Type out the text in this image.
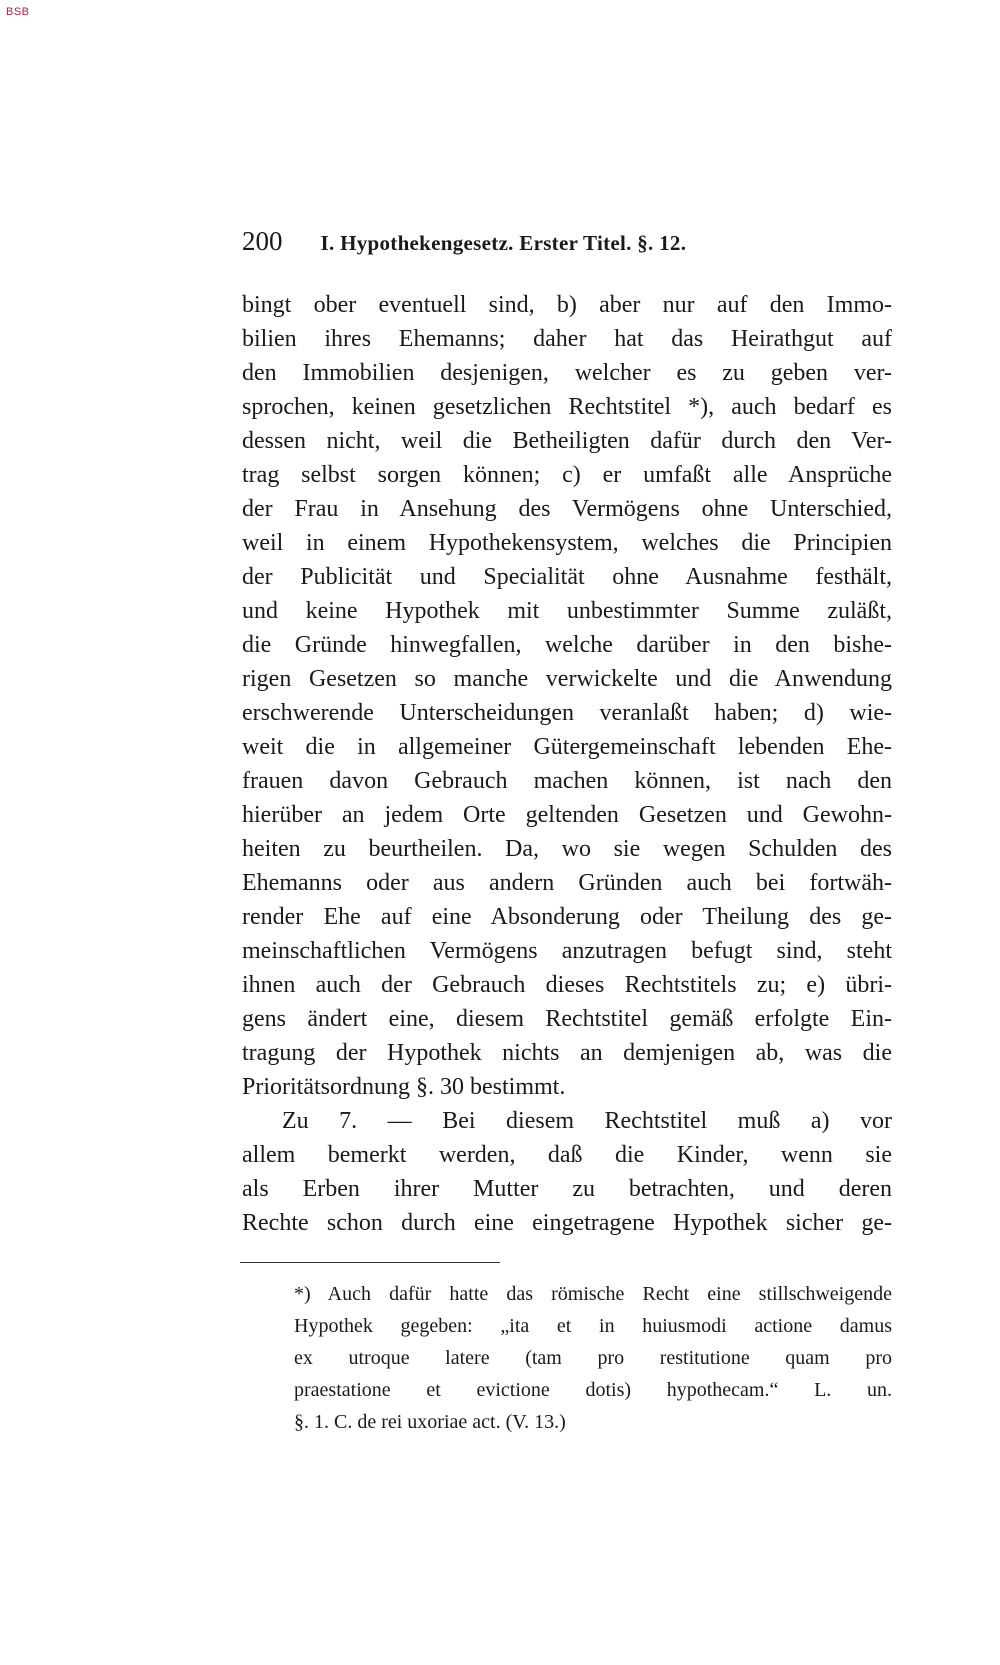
BSB
200 I. Hypothekengesetz. Erster Titel. §. 12.
bingt ober eventuell sind, b) aber nur auf den Immo-
bilien ihres Ehemanns; daher hat das Heirathgut auf
den Immobilien desjenigen, welcher es zu geben ver-
sprochen, keinen gesetzlichen Rechtstitel *), auch bedarf es
dessen nicht, weil die Betheiligten dafür durch den Ver-
trag selbst sorgen können; c) er umfaßt alle Ansprüche
der Frau in Ansehung des Vermögens ohne Unterschied,
weil in einem Hypothekensystem, welches die Principien
der Publicität und Specialität ohne Ausnahme festhält,
und keine Hypothek mit unbestimmter Summe zuläßt,
die Gründe hinwegfallen, welche darüber in den bishe-
rigen Gesetzen so manche verwickelte und die Anwendung
erschwerende Unterscheidungen veranlaßt haben; d) wie-
weit die in allgemeiner Gütergemeinschaft lebenden Ehe-
frauen davon Gebrauch machen können, ist nach den
hierüber an jedem Orte geltenden Gesetzen und Gewohn-
heiten zu beurtheilen. Da, wo sie wegen Schulden des
Ehemanns oder aus andern Gründen auch bei fortwäh-
render Ehe auf eine Absonderung oder Theilung des ge-
meinschaftlichen Vermögens anzutragen befugt sind, steht
ihnen auch der Gebrauch dieses Rechtstitels zu; e) übri-
gens ändert eine, diesem Rechtstitel gemäß erfolgte Ein-
tragung der Hypothek nichts an demjenigen ab, was die
Prioritätsordnung §. 30 bestimmt.
Zu 7. — Bei diesem Rechtstitel muß a) vor
allem bemerkt werden, daß die Kinder, wenn sie
als Erben ihrer Mutter zu betrachten, und deren
Rechte schon durch eine eingetragene Hypothek sicher ge-
*) Auch dafür hatte das römische Recht eine stillschweigende
Hypothek gegeben: „ita et in huiusmodi actione damus
ex utroque latere (tam pro restitutione quam pro
praestatione et evictione dotis) hypothecam.“ L. un.
§. 1. C. de rei uxoriae act. (V. 13.)
